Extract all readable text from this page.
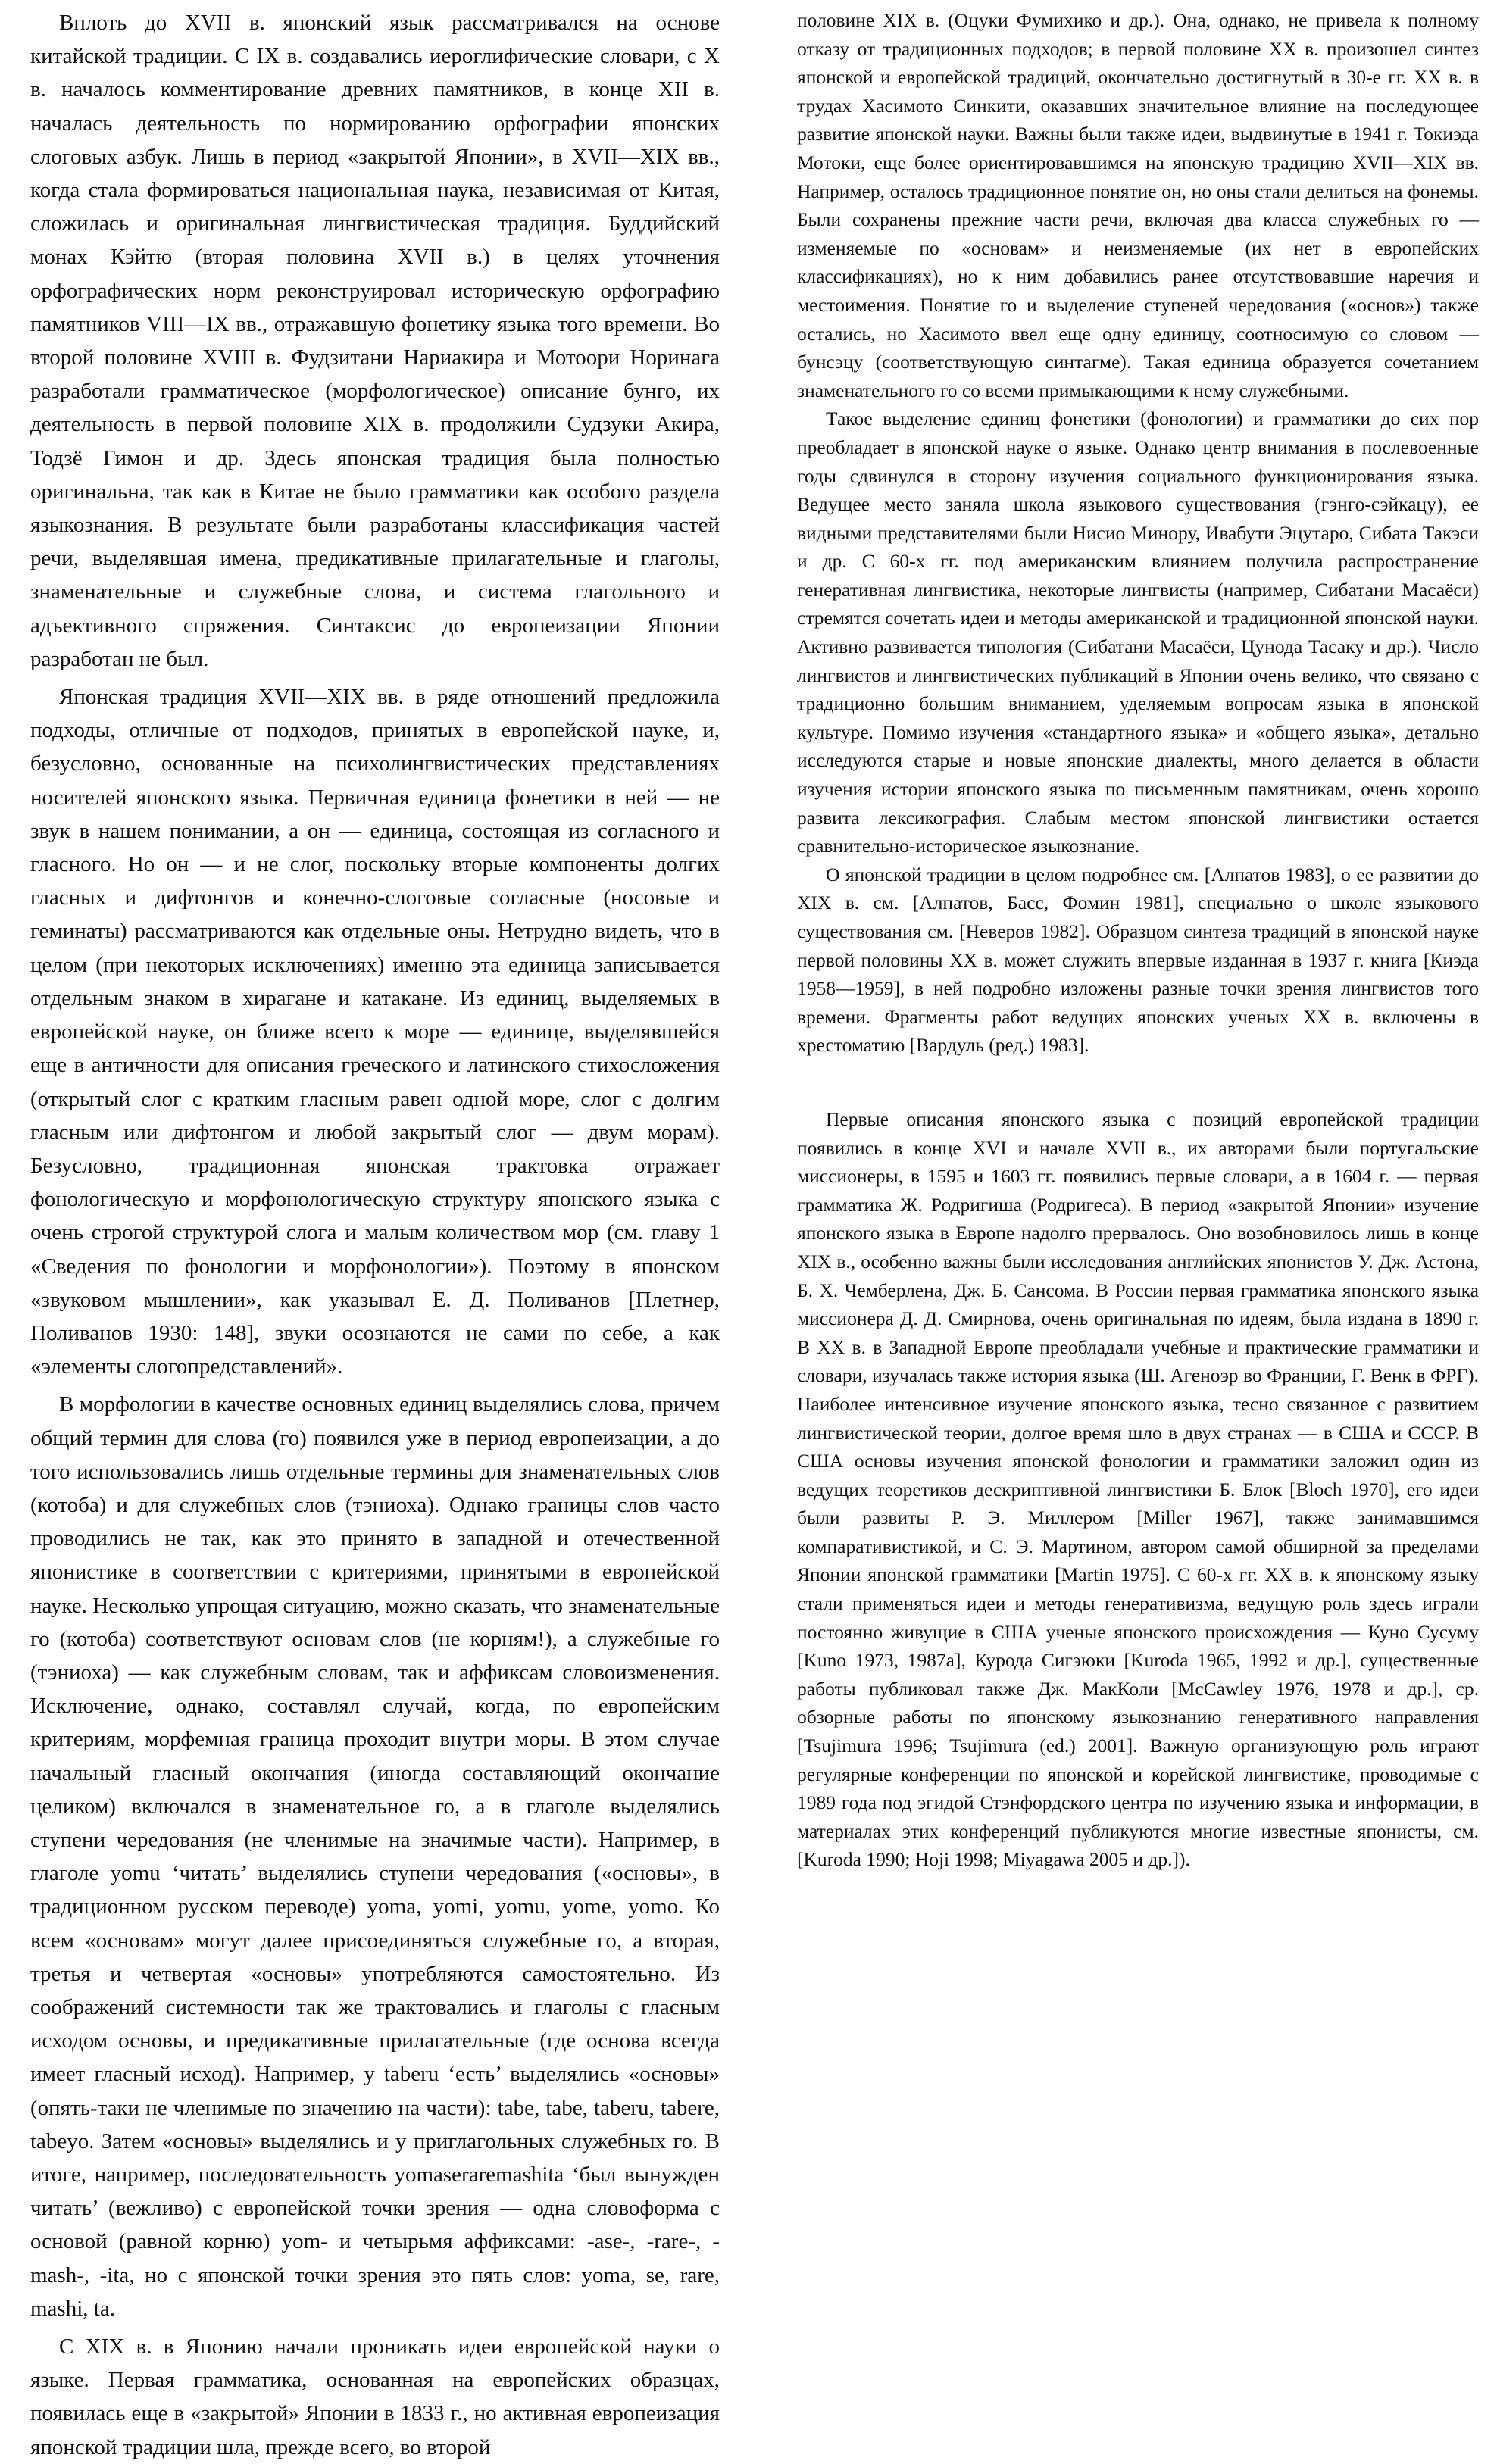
Вплоть до XVII в. японский язык рассматривался на основе китайской традиции. С IX в. создавались иероглифические словари, с X в. началось комментирование древних памятников, в конце XII в. началась деятельность по нормированию орфографии японских слоговых азбук. Лишь в период «закрытой Японии», в XVII—XIX вв., когда стала формироваться национальная наука, независимая от Китая, сложилась и оригинальная лингвистическая традиция. Буддийский монах Кэйтю (вторая половина XVII в.) в целях уточнения орфографических норм реконструировал историческую орфографию памятников VIII—IX вв., отражавшую фонетику языка того времени. Во второй половине XVIII в. Фудзитани Нариакира и Мотоори Норинага разработали грамматическое (морфологическое) описание бунго, их деятельность в первой половине XIX в. продолжили Судзуки Акира, Тодзё Гимон и др. Здесь японская традиция была полностью оригинальна, так как в Китае не было грамматики как особого раздела языкознания. В результате были разработаны классификация частей речи, выделявшая имена, предикативные прилагательные и глаголы, знаменательные и служебные слова, и система глагольного и адъективного спряжения. Синтаксис до европеизации Японии разработан не был.

Японская традиция XVII—XIX вв. в ряде отношений предложила подходы, отличные от подходов, принятых в европейской науке, и, безусловно, основанные на психолингвистических представлениях носителей японского языка. Первичная единица фонетики в ней — не звук в нашем понимании, а он — единица, состоящая из согласного и гласного. Но он — и не слог, поскольку вторые компоненты долгих гласных и дифтонгов и конечно-слоговые согласные (носовые и геминаты) рассматриваются как отдельные оны. Нетрудно видеть, что в целом (при некоторых исключениях) именно эта единица записывается отдельным знаком в хирагане и катакане. Из единиц, выделяемых в европейской науке, он ближе всего к море — единице, выделявшейся еще в античности для описания греческого и латинского стихосложения (открытый слог с кратким гласным равен одной море, слог с долгим гласным или дифтонгом и любой закрытый слог — двум морам). Безусловно, традиционная японская трактовка отражает фонологическую и морфонологическую структуру японского языка с очень строгой структурой слога и малым количеством мор (см. главу 1 «Сведения по фонологии и морфонологии»). Поэтому в японском «звуковом мышлении», как указывал Е. Д. Поливанов [Плетнер, Поливанов 1930: 148], звуки осознаются не сами по себе, а как «элементы слогопредставлений».

В морфологии в качестве основных единиц выделялись слова, причем общий термин для слова (го) появился уже в период европеизации, а до того использовались лишь отдельные термины для знаменательных слов (котоба) и для служебных слов (тэниоха). Однако границы слов часто проводились не так, как это принято в западной и отечественной японистике в соответствии с критериями, принятыми в европейской науке. Несколько упрощая ситуацию, можно сказать, что знаменательные го (котоба) соответствуют основам слов (не корням!), а служебные го (тэниоха) — как служебным словам, так и аффиксам словоизменения. Исключение, однако, составлял случай, когда, по европейским критериям, морфемная граница проходит внутри моры. В этом случае начальный гласный окончания (иногда составляющий окончание целиком) включался в знаменательное го, а в глаголе выделялись ступени чередования (не членимые на значимые части). Например, в глаголе yomu ‘читать’ выделялись ступени чередования («основы», в традиционном русском переводе) yoma, yomi, yomu, yome, yomo. Ко всем «основам» могут далее присоединяться служебные го, а вторая, третья и четвертая «основы» употребляются самостоятельно. Из соображений системности так же трактовались и глаголы с гласным исходом основы, и предикативные прилагательные (где основа всегда имеет гласный исход). Например, у taberu ‘есть’ выделялись «основы» (опять-таки не членимые по значению на части): tabe, tabe, taberu, tabere, tabeyo. Затем «основы» выделялись и у приглагольных служебных го. В итоге, например, последовательность yomaseraremashita ‘был вынужден читать’ (вежливо) с европейской точки зрения — одна словоформа с основой (равной корню) yom- и четырьмя аффиксами: -ase-, -rare-, -mash-, -ita, но с японской точки зрения это пять слов: yoma, se, rare, mashi, ta.

С XIX в. в Японию начали проникать идеи европейской науки о языке. Первая грамматика, основанная на европейских образцах, появилась еще в «закрытой» Японии в 1833 г., но активная европеизация японской традиции шла, прежде всего, во второй

половине XIX в. (Оцуки Фумихико и др.). Она, однако, не привела к полному отказу от традиционных подходов; в первой половине XX в. произошел синтез японской и европейской традиций, окончательно достигнутый в 30-е гг. XX в. в трудах Хасимото Синкити, оказавших значительное влияние на последующее развитие японской науки. Важны были также идеи, выдвинутые в 1941 г. Токиэда Мотоки, еще более ориентировавшимся на японскую традицию XVII—XIX вв. Например, осталось традиционное понятие он, но оны стали делиться на фонемы. Были сохранены прежние части речи, включая два класса служебных го — изменяемые по «основам» и неизменяемые (их нет в европейских классификациях), но к ним добавились ранее отсутствовавшие наречия и местоимения. Понятие го и выделение ступеней чередования («основ») также остались, но Хасимото ввел еще одну единицу, соотносимую со словом — бунсэцу (соответствующую синтагме). Такая единица образуется сочетанием знаменательного го со всеми примыкающими к нему служебными.

Такое выделение единиц фонетики (фонологии) и грамматики до сих пор преобладает в японской науке о языке. Однако центр внимания в послевоенные годы сдвинулся в сторону изучения социального функционирования языка. Ведущее место заняла школа языкового существования (гэнго-сэйкацу), ее видными представителями были Нисио Минору, Ивабути Эцутаро, Сибата Такэси и др. С 60-х гг. под американским влиянием получила распространение генеративная лингвистика, некоторые лингвисты (например, Сибатани Масаёси) стремятся сочетать идеи и методы американской и традиционной японской науки. Активно развивается типология (Сибатани Масаёси, Цунода Тасаку и др.). Число лингвистов и лингвистических публикаций в Японии очень велико, что связано с традиционно большим вниманием, уделяемым вопросам языка в японской культуре. Помимо изучения «стандартного языка» и «общего языка», детально исследуются старые и новые японские диалекты, много делается в области изучения истории японского языка по письменным памятникам, очень хорошо развита лексикография. Слабым местом японской лингвистики остается сравнительно-историческое языкознание.

О японской традиции в целом подробнее см. [Алпатов 1983], о ее развитии до XIX в. см. [Алпатов, Басс, Фомин 1981], специально о школе языкового существования см. [Неверов 1982]. Образцом синтеза традиций в японской науке первой половины XX в. может служить впервые изданная в 1937 г. книга [Киэда 1958—1959], в ней подробно изложены разные точки зрения лингвистов того времени. Фрагменты работ ведущих японских ученых XX в. включены в хрестоматию [Вардуль (ред.) 1983].

Первые описания японского языка с позиций европейской традиции появились в конце XVI и начале XVII в., их авторами были португальские миссионеры, в 1595 и 1603 гг. появились первые словари, а в 1604 г. — первая грамматика Ж. Родригиша (Родригеса). В период «закрытой Японии» изучение японского языка в Европе надолго прервалось. Оно возобновилось лишь в конце XIX в., особенно важны были исследования английских японистов У. Дж. Астона, Б. Х. Чемберлена, Дж. Б. Сансома. В России первая грамматика японского языка миссионера Д. Д. Смирнова, очень оригинальная по идеям, была издана в 1890 г. В XX в. в Западной Европе преобладали учебные и практические грамматики и словари, изучалась также история языка (Ш. Агеноэр во Франции, Г. Венк в ФРГ). Наиболее интенсивное изучение японского языка, тесно связанное с развитием лингвистической теории, долгое время шло в двух странах — в США и СССР. В США основы изучения японской фонологии и грамматики заложил один из ведущих теоретиков дескриптивной лингвистики Б. Блок [Bloch 1970], его идеи были развиты Р. Э. Миллером [Miller 1967], также занимавшимся компаративистикой, и С. Э. Мартином, автором самой обширной за пределами Японии японской грамматики [Martin 1975]. С 60-х гг. XX в. к японскому языку стали применяться идеи и методы генеративизма, ведущую роль здесь играли постоянно живущие в США ученые японского происхождения — Куно Сусуму [Kuno 1973, 1987a], Курода Сигэюки [Kuroda 1965, 1992 и др.], существенные работы публиковал также Дж. МакКоли [McCawley 1976, 1978 и др.], ср. обзорные работы по японскому языкознанию генеративного направления [Tsujimura 1996; Tsujimura (ed.) 2001]. Важную организующую роль играют регулярные конференции по японской и корейской лингвистике, проводимые с 1989 года под эгидой Стэнфордского центра по изучению языка и информации, в материалах этих конференций публикуются многие известные японисты, см. [Kuroda 1990; Hoji 1998; Miyagawa 2005 и др.]).
